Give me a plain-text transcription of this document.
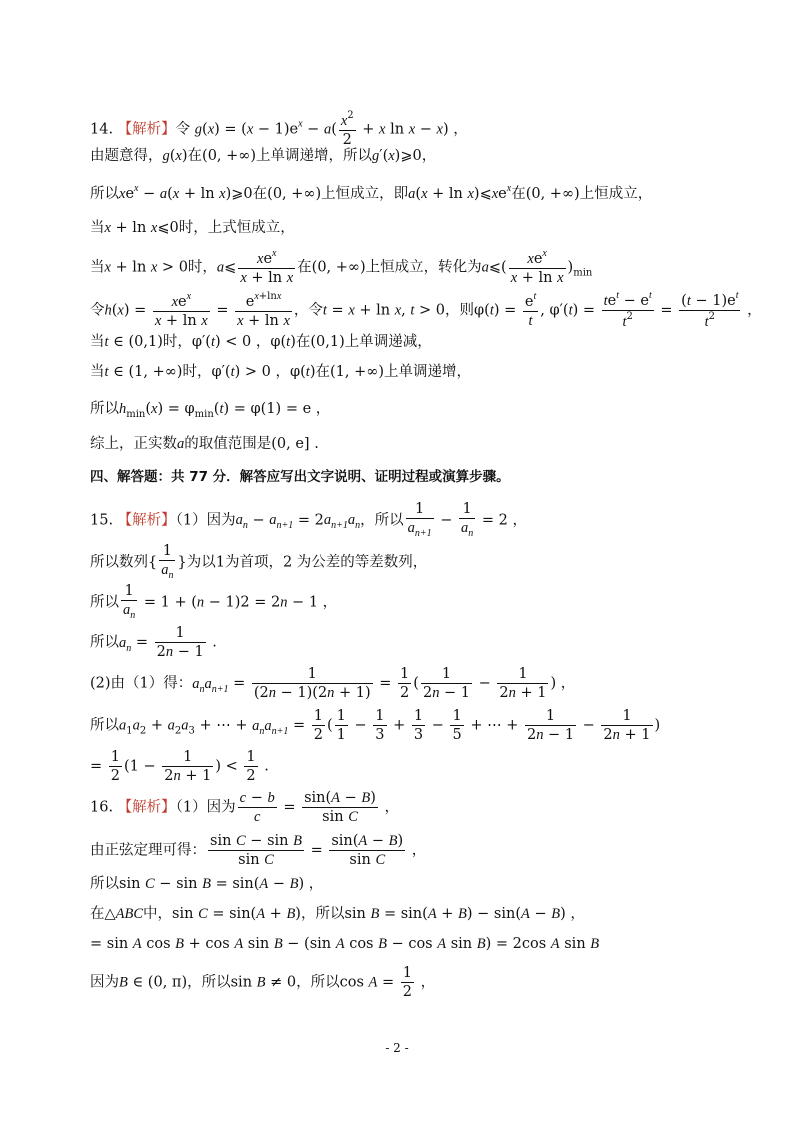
14. 【解析】令 $g(x) = (x - 1)e^x - a( \frac{x^2}{2} + x$ ln x − x) ，
由题意得，g(x)在(0, +∞)上单调递增，所以g′(x)⩾0，
所以$xe^x - a(x + \ln$ x)⩾0在(0, +∞)上恒成立，即$a(x + \ln x)⩽xe^x$在(0, +∞)上恒成立，
当x + ln x⩽0时，上式恒成立，
当x + ln x > 0时，a⩽
$xe^x$
x + ln x
在(0, +∞)上恒成立，转化为a⩽(
$xe^x$
x + ln x
)$_{min}$
令h(x) =
$xe^x$
x + ln x
= $\frac{e^{x+lnx}}{\text{x + ln x}}$ ，令t = x + ln x, t > 0，则$\varphi(t) = \frac{e^t}{t}$ , φ′(t) =
$te^t - e^t$
$t^2$	= $\frac{(t - 1)e^t}{t^2}$ ，
当t ∈ (0,1)时，φ′(t) < 0 ，φ(t)在(0,1)上单调递减，
当t ∈ (1, +∞)时，φ′(t) > 0 ，φ(t)在(1, +∞)上单调递增，
所以$h_{min}(x) = \varphi_{min}(t) = \varphi(1) = e$ ，
综上，正实数a的取值范围是(0, e] .
四、解答题：共 77 分．解答应写出文字说明、证明过程或演算步骤。
15. 【解析】（1）因为$a_n - a_{n+1} = 2a_{n+1}a_n$，所以 $\frac{1}{a_{n+1}} - \frac{1}{a_n} = 2$ ，
所以数列{ $\frac{1}{a_n}$ }为以1为首项，2 为公差的等差数列，
所以 $\frac{1}{a_n} = 1 + (n - 1)2 = 2n - 1$ ，
所以$a_n = \frac{1}{2n - 1}$ .
(2)由（1）得：$a_na_{n+1} = \frac{1}{(2n - 1)(2n + 1)} = \frac{1}{2}$ ( $\frac{1}{2n - 1} - \frac{1}{2n + 1}$ ) ，
所以$a_1a_2 + a_2a_3$ + ⋯ + $a_na_{n+1} = \frac{1}{2}$ ( $\frac{1}{1} - \frac{1}{3} + \frac{1}{3} - \frac{1}{5}$ + ⋯ + $\frac{1}{2n - 1} - \frac{1}{2n + 1}$ )
= $\frac{1}{2} (1 - \frac{1}{2n + 1}$ ) < $\frac{1}{2}$ .
16. 【解析】（1）因为 $\frac{c - b}{c} = \frac{\sin(A - B)}{\text{sin C}}$ ，
由正弦定理可得： $\frac{\text{sin C − sin B}}{\text{sin C}} = \frac{\sin(A - B)}{\text{sin C}}$ ，
所以sin C − sin B = sin(A − B) ，
在△ABC中，sin C = sin(A + B)，所以sin B = sin(A + B) − sin(A − B) ，
= sin A cos B + cos A sin B − (sin A cos B − cos A sin B) = 2cos A sin B
因为B ∈ (0, π)，所以sin B ≠ 0，所以$\cos A = \frac{1}{2}$ ，
- 2 -
